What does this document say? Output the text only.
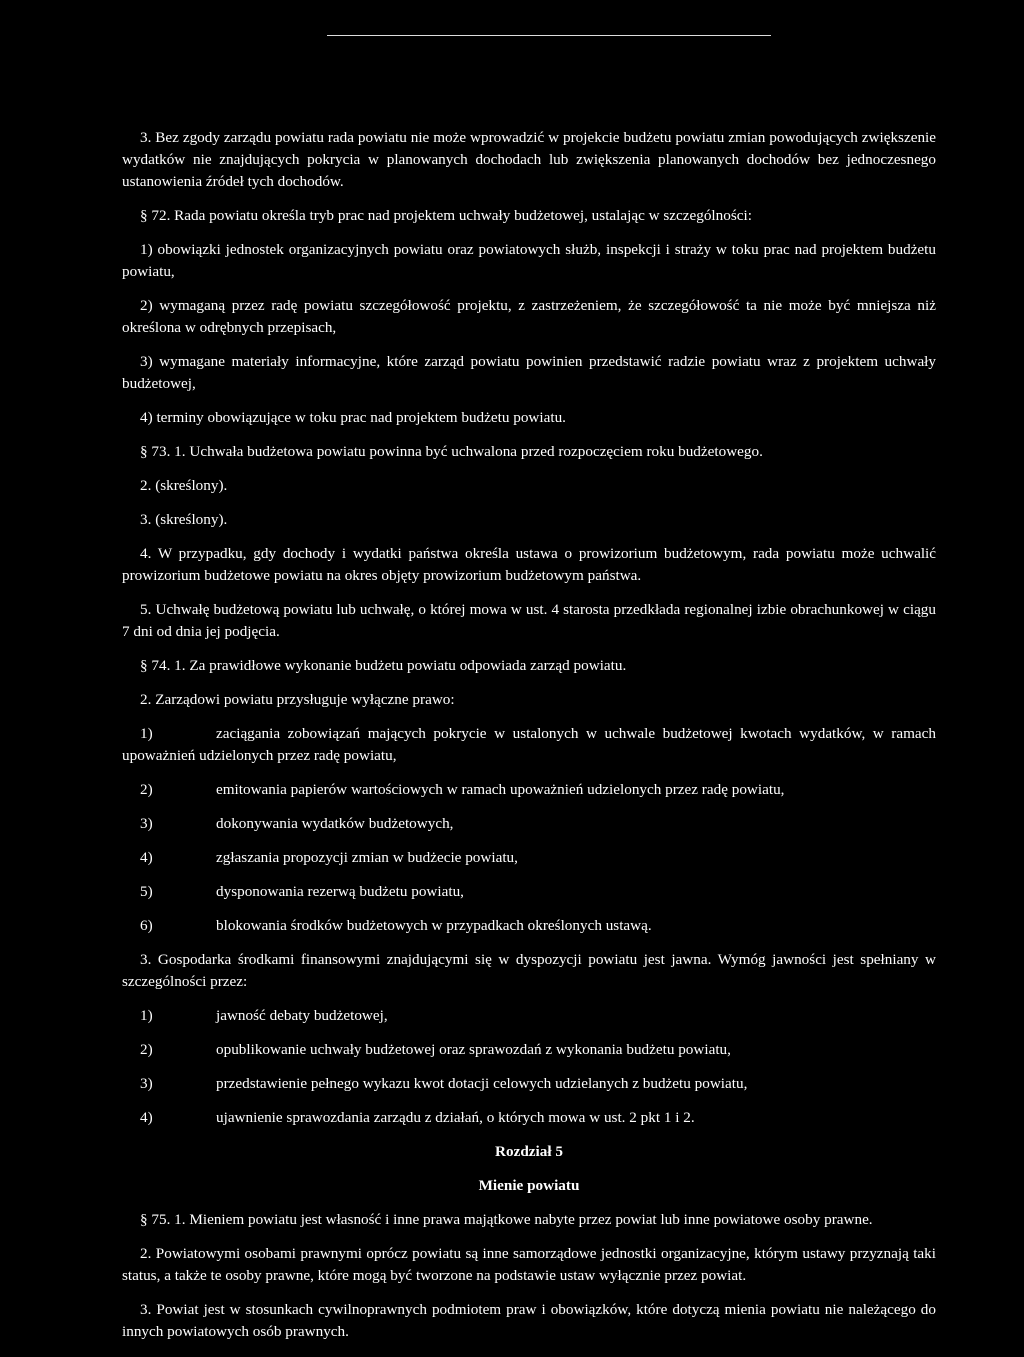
3. Bez zgody zarządu powiatu rada powiatu nie może wprowadzić w projekcie budżetu powiatu zmian powodujących zwiększenie wydatków nie znajdujących pokrycia w planowanych dochodach lub zwiększenia planowanych dochodów bez jednoczesnego ustanowienia źródeł tych dochodów.

§ 72. Rada powiatu określa tryb prac nad projektem uchwały budżetowej, ustalając w szczególności:

1) obowiązki jednostek organizacyjnych powiatu oraz powiatowych służb, inspekcji i straży w toku prac nad projektem budżetu powiatu,

2) wymaganą przez radę powiatu szczegółowość projektu, z zastrzeżeniem, że szczegółowość ta nie może być mniejsza niż określona w odrębnych przepisach,

3) wymagane materiały informacyjne, które zarząd powiatu powinien przedstawić radzie powiatu wraz z projektem uchwały budżetowej,

4) terminy obowiązujące w toku prac nad projektem budżetu powiatu.

§ 73. 1. Uchwała budżetowa powiatu powinna być uchwalona przed rozpoczęciem roku budżetowego.

2. (skreślony).

3. (skreślony).

4. W przypadku, gdy dochody i wydatki państwa określa ustawa o prowizorium budżetowym, rada powiatu może uchwalić prowizorium budżetowe powiatu na okres objęty prowizorium budżetowym państwa.

5. Uchwałę budżetową powiatu lub uchwałę, o której mowa w ust. 4 starosta przedkłada regionalnej izbie obrachunkowej w ciągu 7 dni od dnia jej podjęcia.

§ 74. 1. Za prawidłowe wykonanie budżetu powiatu odpowiada zarząd powiatu.

2. Zarządowi powiatu przysługuje wyłączne prawo:

1)	zaciągania zobowiązań mających pokrycie w ustalonych w uchwale budżetowej kwotach wydatków, w ramach upoważnień udzielonych przez radę powiatu,

2)	emitowania papierów wartościowych w ramach upoważnień udzielonych przez radę powiatu,
3)	dokonywania wydatków budżetowych,
4)	zgłaszania propozycji zmian w budżecie powiatu,
5)	dysponowania rezerwą budżetu powiatu,
6)	blokowania środków budżetowych w przypadkach określonych ustawą.

3. Gospodarka środkami finansowymi znajdującymi się w dyspozycji powiatu jest jawna. Wymóg jawności jest spełniany w szczególności przez:

1)	jawność debaty budżetowej,
2)	opublikowanie uchwały budżetowej oraz sprawozdań z wykonania budżetu powiatu,
3)	przedstawienie pełnego wykazu kwot dotacji celowych udzielanych z budżetu powiatu,
4)	ujawnienie sprawozdania zarządu z działań, o których mowa w ust. 2 pkt 1 i 2.
Rozdział 5
Mienie powiatu

§ 75. 1. Mieniem powiatu jest własność i inne prawa majątkowe nabyte przez powiat lub inne powiatowe osoby prawne.

2. Powiatowymi osobami prawnymi oprócz powiatu są inne samorządowe jednostki organizacyjne, którym ustawy przyznają taki status, a także te osoby prawne, które mogą być tworzone na podstawie ustaw wyłącznie przez powiat.

3. Powiat jest w stosunkach cywilnoprawnych podmiotem praw i obowiązków, które dotyczą mienia powiatu nie należącego do innych powiatowych osób prawnych.
